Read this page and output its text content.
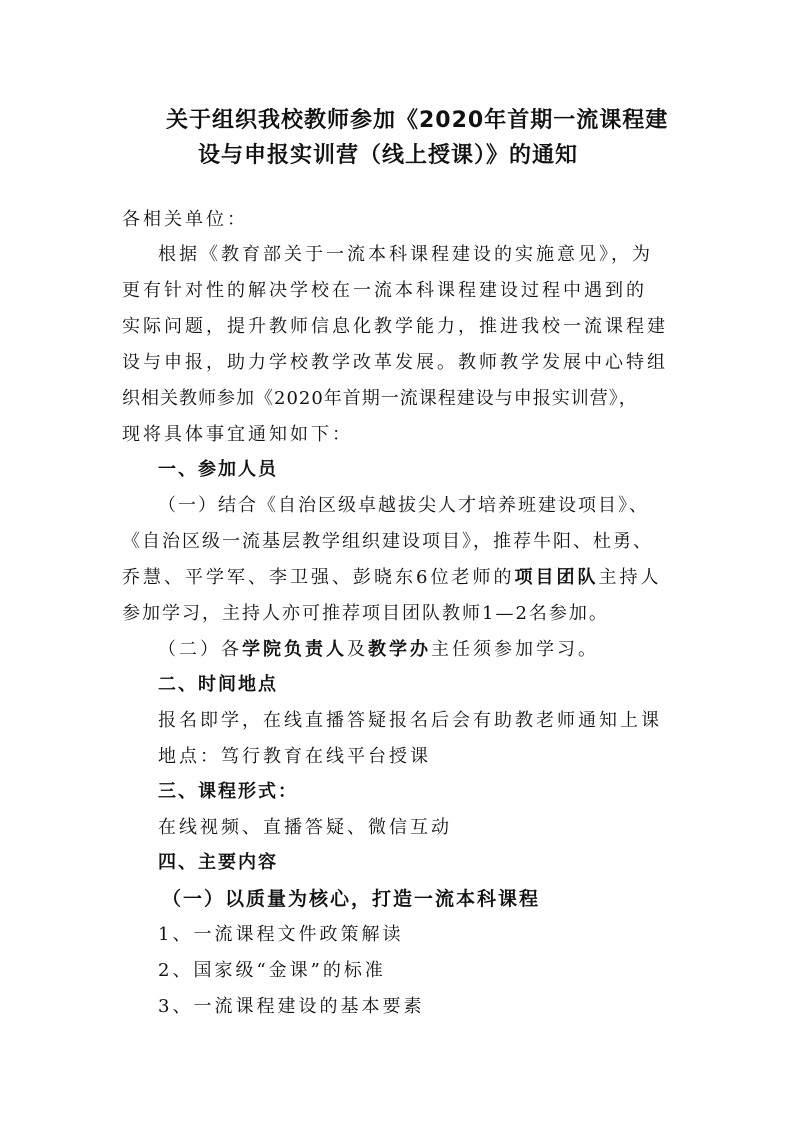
关于组织我校教师参加《2020年首期一流课程建
设与申报实训营（线上授课）》的通知
各相关单位：
根据《教育部关于一流本科课程建设的实施意见》，为
更有针对性的解决学校在一流本科课程建设过程中遇到的
实际问题，提升教师信息化教学能力，推进我校一流课程建
设与申报，助力学校教学改革发展。教师教学发展中心特组
织相关教师参加《2020年首期一流课程建设与申报实训营》，
现将具体事宜通知如下：
一、参加人员
（一）结合《自治区级卓越拔尖人才培养班建设项目》、
《自治区级一流基层教学组织建设项目》，推荐牛阳、杜勇、
乔慧、平学军、李卫强、彭晓东6位老师的项目团队主持人
参加学习，主持人亦可推荐项目团队教师1—2名参加。
（二）各学院负责人及教学办主任须参加学习。
二、时间地点
报名即学，在线直播答疑报名后会有助教老师通知上课
地点：笃行教育在线平台授课
三、课程形式：
在线视频、直播答疑、微信互动
四、主要内容
（一）以质量为核心，打造一流本科课程
1、一流课程文件政策解读
2、国家级“金课”的标准
3、一流课程建设的基本要素
